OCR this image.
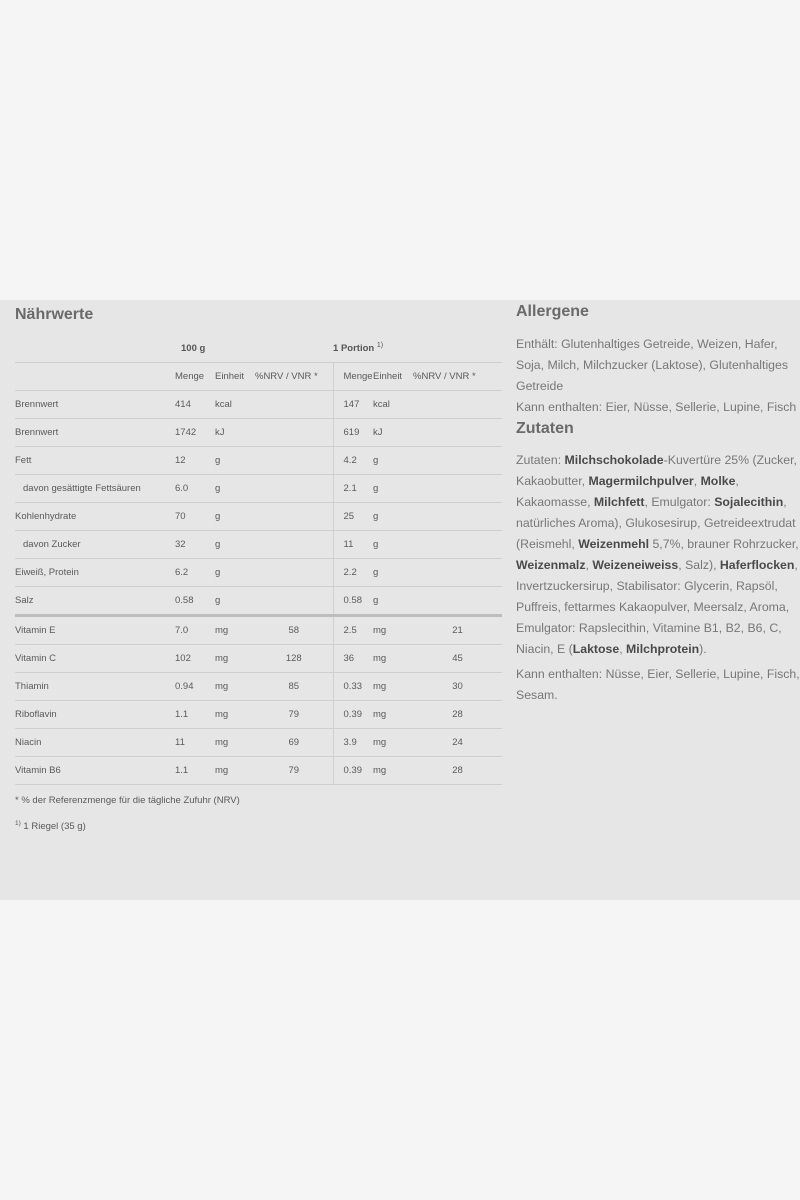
Nährwerte
	100 g			1 Portion $^{1)}$
	Menge	Einheit	%NRV / VNR *	Menge	Einheit	%NRV / VNR *
Brennwert	414	kcal		147	kcal	
Brennwert	1742	kJ		619	kJ	
Fett	12	g		4.2	g	
davon gesättigte Fettsäuren	6.0	g		2.1	g	
Kohlenhydrate	70	g		25	g	
davon Zucker	32	g		11	g	
Eiweiß, Protein	6.2	g		2.2	g	
Salz	0.58	g		0.58	g	
Vitamin E	7.0	mg	58	2.5	mg	21
Vitamin C	102	mg	128	36	mg	45
Thiamin	0.94	mg	85	0.33	mg	30
Riboflavin	1.1	mg	79	0.39	mg	28
Niacin	11	mg	69	3.9	mg	24
Vitamin B6	1.1	mg	79	0.39	mg	28
* % der Referenzmenge für die tägliche Zufuhr (NRV)
$^{1)}$ 1 Riegel (35 g)
Allergene

Enthält: Glutenhaltiges Getreide, Weizen, Hafer, Soja, Milch, Milchzucker (Laktose), Glutenhaltiges Getreide

Kann enthalten: Eier, Nüsse, Sellerie, Lupine, Fisch

Zutaten

Zutaten: Milchschokolade-Kuvertüre 25% (Zucker, Kakaobutter, Magermilchpulver, Molke, Kakaomasse, Milchfett, Emulgator: Sojalecithin, natürliches Aroma), Glukosesirup, Getreideextrudat (Reismehl, Weizenmehl 5,7%, brauner Rohrzucker, Weizenmalz, Weizeneiweiss, Salz), Haferflocken, Invertzuckersirup, Stabilisator: Glycerin, Rapsöl, Puffreis, fettarmes Kakaopulver, Meersalz, Aroma, Emulgator: Rapslecithin, Vitamine B1, B2, B6, C, Niacin, E (Laktose, Milchprotein).

Kann enthalten: Nüsse, Eier, Sellerie, Lupine, Fisch, Sesam.
